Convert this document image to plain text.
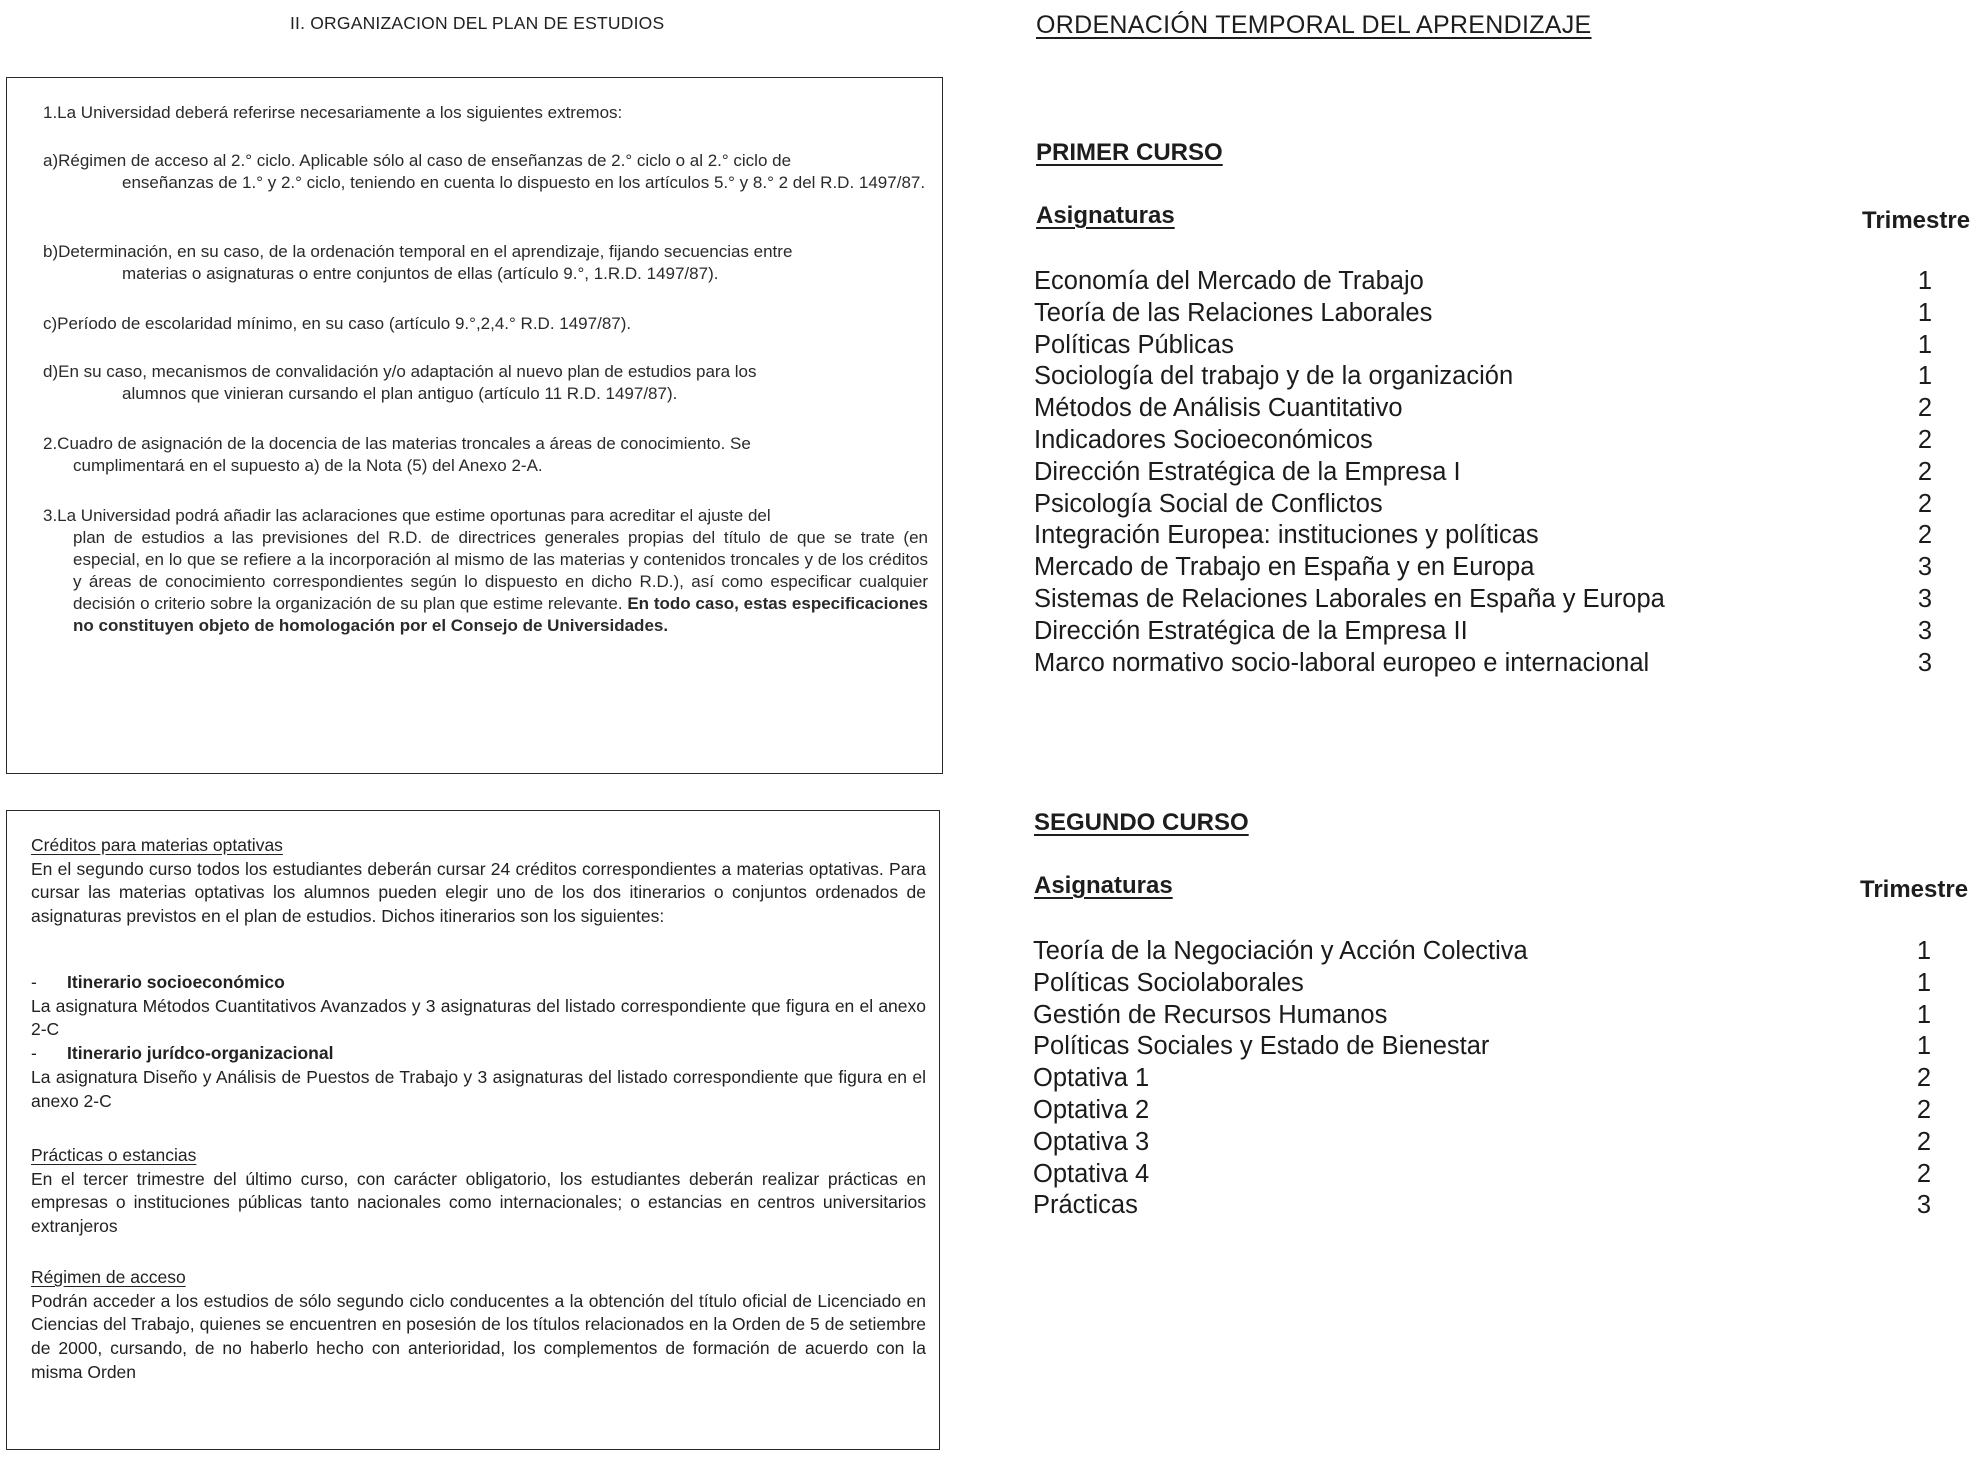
II. ORGANIZACION DEL PLAN DE ESTUDIOS
1.La Universidad deberá referirse necesariamente a los siguientes extremos:
a)Régimen de acceso al 2.° ciclo. Aplicable sólo al caso de enseñanzas de 2.° ciclo o al 2.° ciclo de
enseñanzas de 1.° y 2.° ciclo, teniendo en cuenta lo dispuesto en los artículos 5.° y 8.° 2 del R.D. 1497/87.
b)Determinación, en su caso, de la ordenación temporal en el aprendizaje, fijando secuencias entre
materias o asignaturas o entre conjuntos de ellas (artículo 9.°, 1.R.D. 1497/87).
c)Período de escolaridad mínimo, en su caso (artículo 9.°,2,4.° R.D. 1497/87).
d)En su caso, mecanismos de convalidación y/o adaptación al nuevo plan de estudios para los
alumnos que vinieran cursando el plan antiguo (artículo 11 R.D. 1497/87).
2.Cuadro de asignación de la docencia de las materias troncales a áreas de conocimiento. Se
cumplimentará en el supuesto a) de la Nota (5) del Anexo 2-A.
3.La Universidad podrá añadir las aclaraciones que estime oportunas para acreditar el ajuste del
plan de estudios a las previsiones del R.D. de directrices generales propias del título de que se trate (en especial, en lo que se refiere a la incorporación al mismo de las materias y contenidos troncales y de los créditos y áreas de conocimiento correspondientes según lo dispuesto en dicho R.D.), así como especificar cualquier decisión o criterio sobre la organización de su plan que estime relevante. En todo caso, estas especificaciones no constituyen objeto de homologación por el Consejo de Universidades.
Créditos para materias optativas
En el segundo curso todos los estudiantes deberán cursar 24 créditos correspondientes a materias optativas. Para cursar las materias optativas los alumnos pueden elegir uno de los dos itinerarios o conjuntos ordenados de asignaturas previstos en el plan de estudios. Dichos itinerarios son los siguientes:
- Itinerario socioeconómico
La asignatura Métodos Cuantitativos Avanzados y 3 asignaturas del listado correspondiente que figura en el anexo 2-C
- Itinerario jurídco-organizacional
La asignatura Diseño y Análisis de Puestos de Trabajo y 3 asignaturas del listado correspondiente que figura en el anexo 2-C
Prácticas o estancias
En el tercer trimestre del último curso, con carácter obligatorio, los estudiantes deberán realizar prácticas en empresas o instituciones públicas tanto nacionales como internacionales; o estancias en centros universitarios extranjeros
Régimen de acceso
Podrán acceder a los estudios de sólo segundo ciclo conducentes a la obtención del título oficial de Licenciado en Ciencias del Trabajo, quienes se encuentren en posesión de los títulos relacionados en la Orden de 5 de setiembre de 2000, cursando, de no haberlo hecho con anterioridad, los complementos de formación de acuerdo con la misma Orden
ORDENACIÓN TEMPORAL DEL APRENDIZAJE
PRIMER CURSO
Asignaturas	Trimestre
Economía del Mercado de Trabajo	1
Teoría de las Relaciones Laborales	1
Políticas Públicas	1
Sociología del trabajo y de la organización	1
Métodos de Análisis Cuantitativo	2
Indicadores Socioeconómicos	2
Dirección Estratégica de la Empresa I	2
Psicología Social de Conflictos	2
Integración Europea: instituciones y políticas	2
Mercado de Trabajo en España y en Europa	3
Sistemas de Relaciones Laborales en España y Europa	3
Dirección Estratégica de la Empresa II	3
Marco normativo socio-laboral europeo e internacional	3
SEGUNDO CURSO
Asignaturas	Trimestre
Teoría de la Negociación y Acción Colectiva	1
Políticas Sociolaborales	1
Gestión de Recursos Humanos	1
Políticas Sociales y Estado de Bienestar	1
Optativa 1	2
Optativa 2	2
Optativa 3	2
Optativa 4	2
Prácticas	3
